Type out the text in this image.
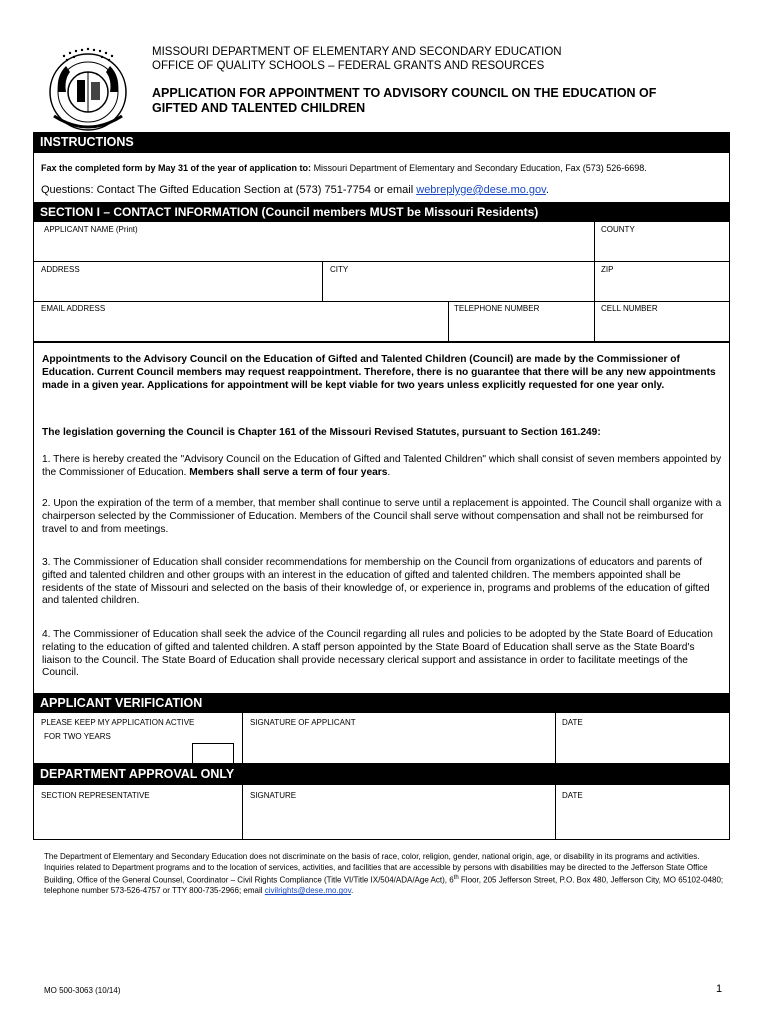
MISSOURI DEPARTMENT OF ELEMENTARY AND SECONDARY EDUCATION
OFFICE OF QUALITY SCHOOLS – FEDERAL GRANTS AND RESOURCES
APPLICATION FOR APPOINTMENT TO ADVISORY COUNCIL ON THE EDUCATION OF
GIFTED AND TALENTED CHILDREN
INSTRUCTIONS
Fax the completed form by May 31 of the year of application to: Missouri Department of Elementary and Secondary Education, Fax (573) 526-6698.
Questions: Contact The Gifted Education Section at (573) 751-7754 or email webreplyge@dese.mo.gov.
SECTION I – CONTACT INFORMATION (Council members MUST be Missouri Residents)
APPLICANT NAME (Print)	COUNTY
ADDRESS	CITY	ZIP
EMAIL ADDRESS	TELEPHONE NUMBER	CELL NUMBER

Appointments to the Advisory Council on the Education of Gifted and Talented Children (Council) are made by the Commissioner of Education. Current Council members may request reappointment. Therefore, there is no guarantee that there will be any new appointments made in a given year. Applications for appointment will be kept viable for two years unless explicitly requested for one year only.

The legislation governing the Council is Chapter 161 of the Missouri Revised Statutes, pursuant to Section 161.249:

1. There is hereby created the "Advisory Council on the Education of Gifted and Talented Children" which shall consist of seven members appointed by the Commissioner of Education. Members shall serve a term of four years.

2. Upon the expiration of the term of a member, that member shall continue to serve until a replacement is appointed. The Council shall organize with a chairperson selected by the Commissioner of Education. Members of the Council shall serve without compensation and shall not be reimbursed for travel to and from meetings.

3. The Commissioner of Education shall consider recommendations for membership on the Council from organizations of educators and parents of gifted and talented children and other groups with an interest in the education of gifted and talented children. The members appointed shall be residents of the state of Missouri and selected on the basis of their knowledge of, or experience in, programs and problems of the education of gifted and talented children.

4. The Commissioner of Education shall seek the advice of the Council regarding all rules and policies to be adopted by the State Board of Education relating to the education of gifted and talented children. A staff person appointed by the State Board of Education shall serve as the State Board's liaison to the Council. The State Board of Education shall provide necessary clerical support and assistance in order to facilitate meetings of the Council.

APPLICANT VERIFICATION
PLEASE KEEP MY APPLICATION ACTIVE
FOR TWO YEARS
SIGNATURE OF APPLICANT	DATE
DEPARTMENT APPROVAL ONLY
SECTION REPRESENTATIVE	SIGNATURE	DATE
The Department of Elementary and Secondary Education does not discriminate on the basis of race, color, religion, gender, national origin, age, or disability in its programs and activities. Inquiries related to Department programs and to the location of services, activities, and facilities that are accessible by persons with disabilities may be directed to the Jefferson State Office Building, Office of the General Counsel, Coordinator – Civil Rights Compliance (Title VI/Title IX/504/ADA/Age Act), 6th Floor, 205 Jefferson Street, P.O. Box 480, Jefferson City, MO 65102-0480; telephone number 573-526-4757 or TTY 800-735-2966; email civilrights@dese.mo.gov.
MO 500-3063 (10/14)	1
